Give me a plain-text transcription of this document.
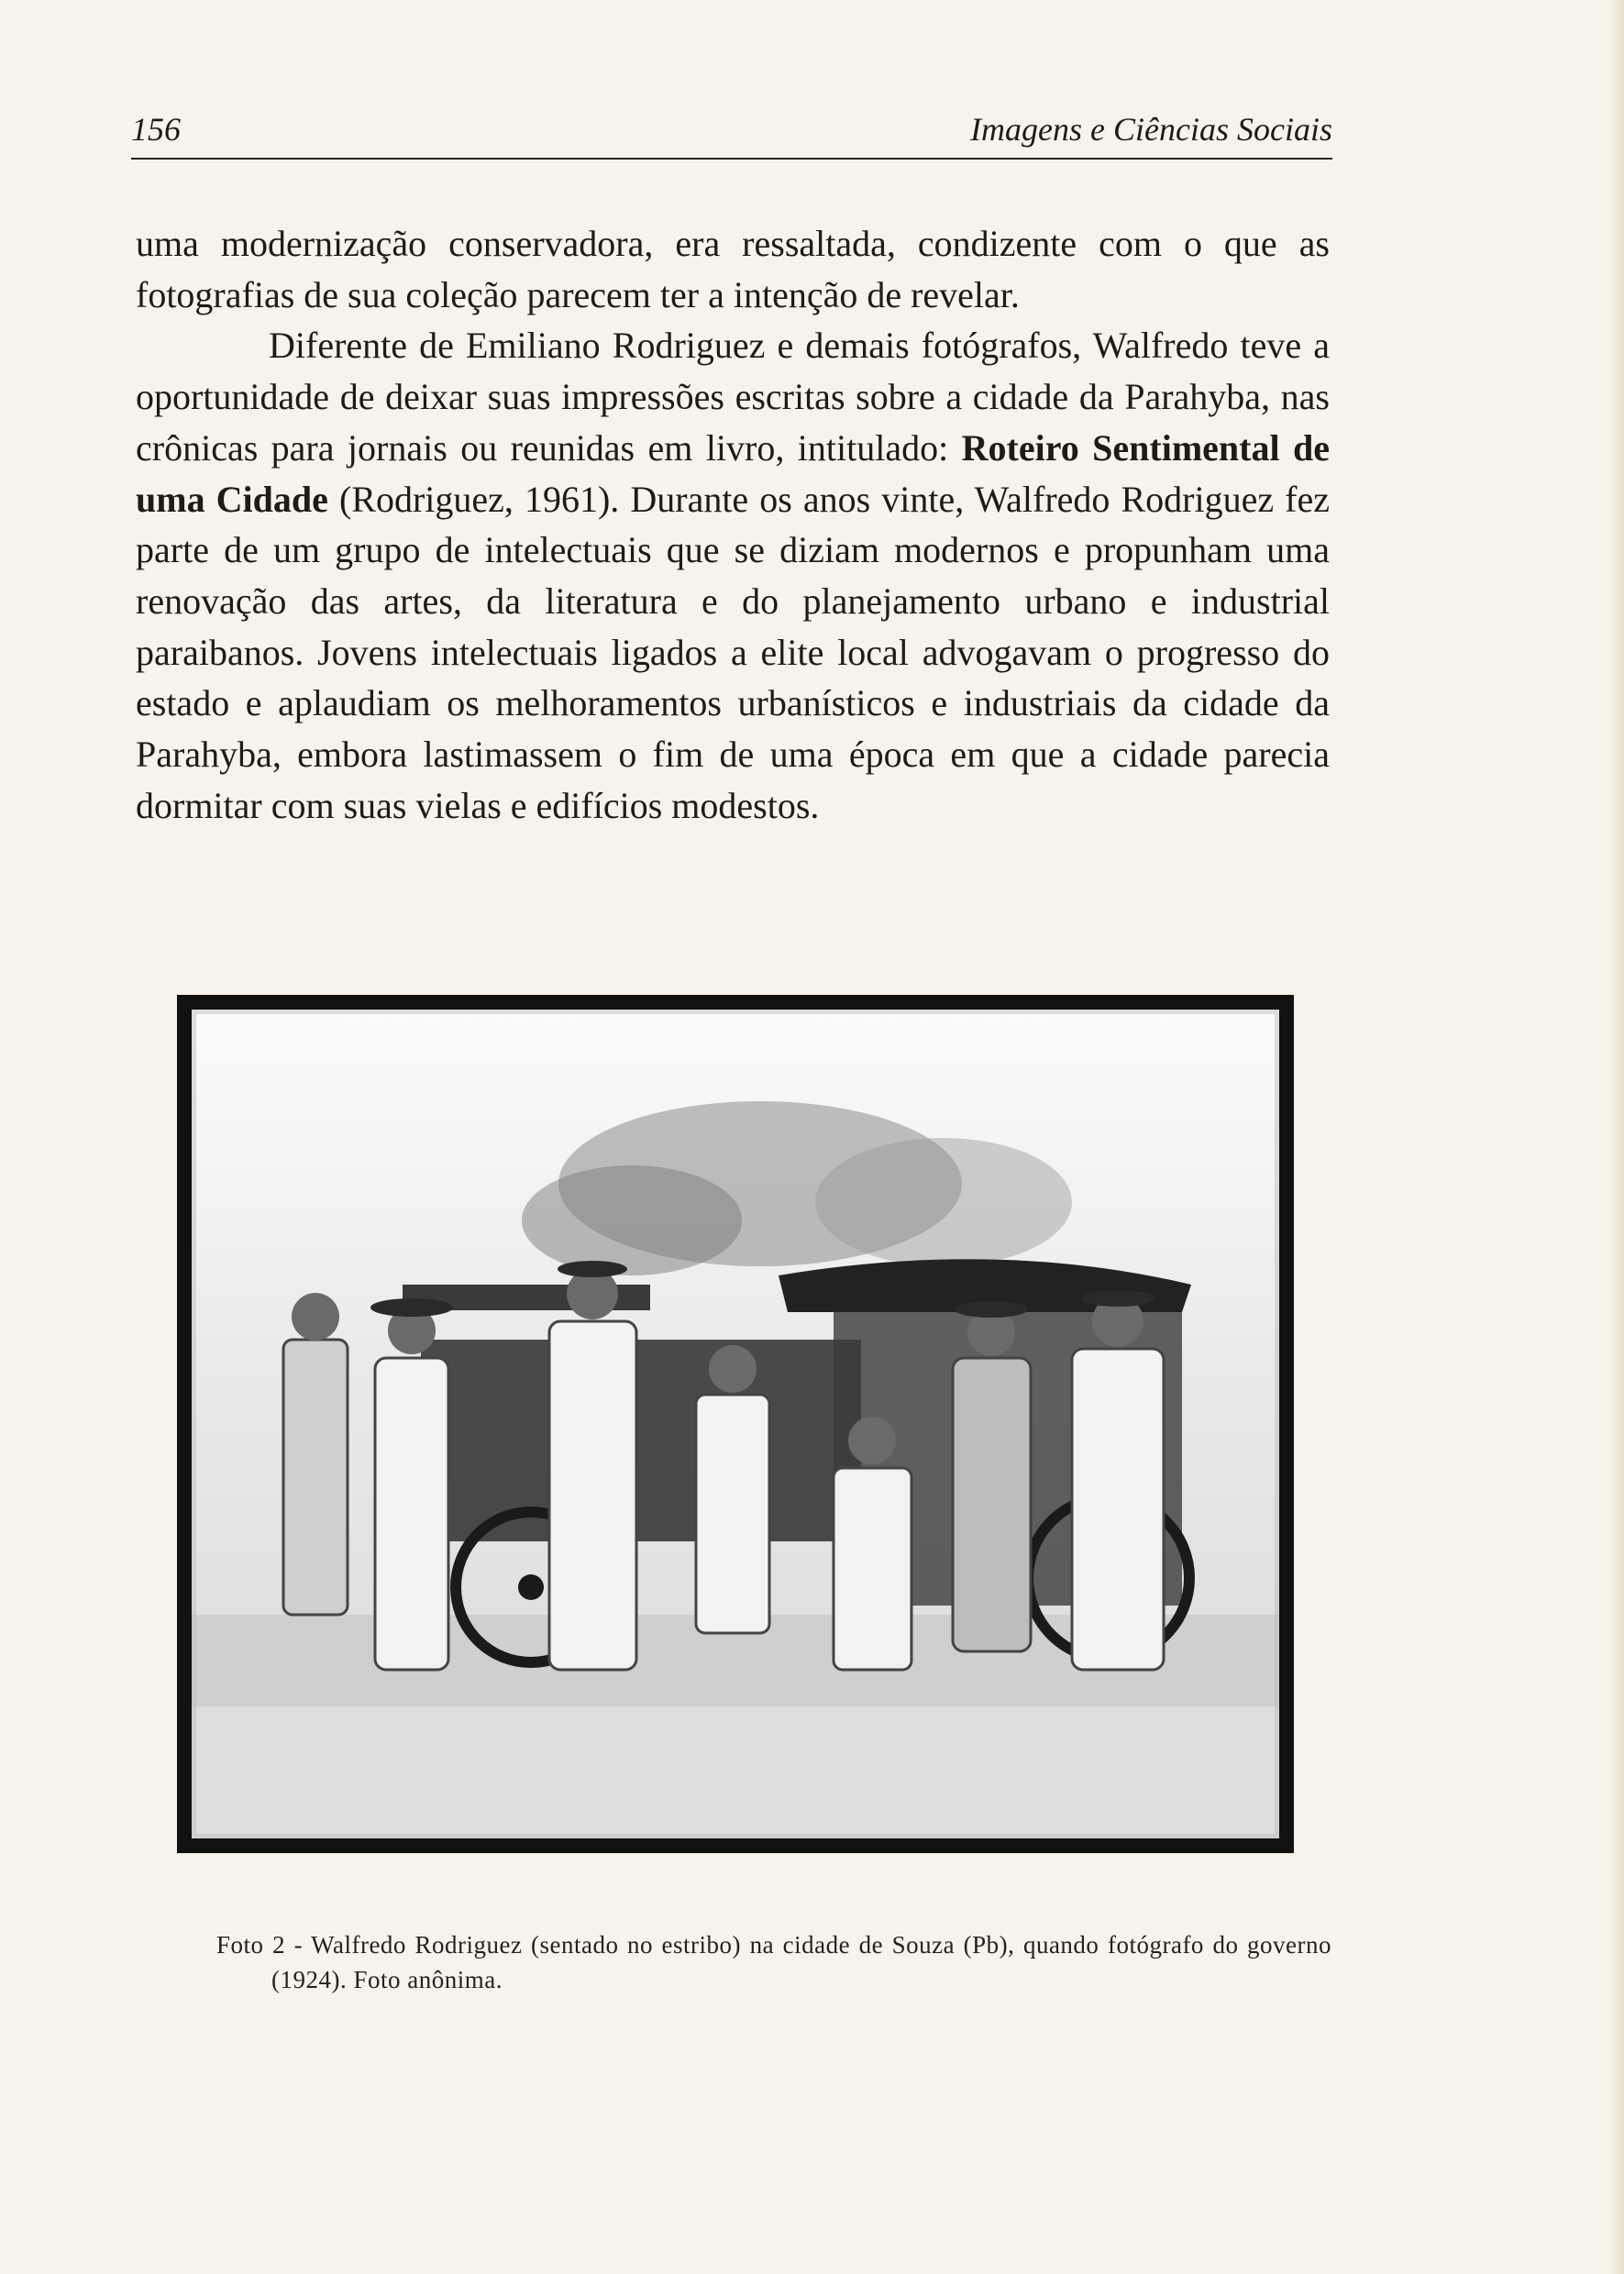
156	Imagens e Ciências Sociais

uma modernização conservadora, era ressaltada, condizente com o que as fotografias de sua coleção parecem ter a intenção de revelar.

Diferente de Emiliano Rodriguez e demais fotógrafos, Walfredo teve a oportunidade de deixar suas impressões escritas sobre a cidade da Parahyba, nas crônicas para jornais ou reunidas em livro, intitulado: Roteiro Sentimental de uma Cidade (Rodriguez, 1961). Durante os anos vinte, Walfredo Rodriguez fez parte de um grupo de intelectuais que se diziam modernos e propunham uma renovação das artes, da literatura e do planejamento urbano e industrial paraibanos. Jovens intelectuais ligados a elite local advogavam o progresso do estado e aplaudiam os melhoramentos urbanísticos e industriais da cidade da Parahyba, embora lastimassem o fim de uma época em que a cidade parecia dormitar com suas vielas e edifícios modestos.

Foto 2 - Walfredo Rodriguez (sentado no estribo) na cidade de Souza (Pb), quando fotógrafo do governo (1924). Foto anônima.
